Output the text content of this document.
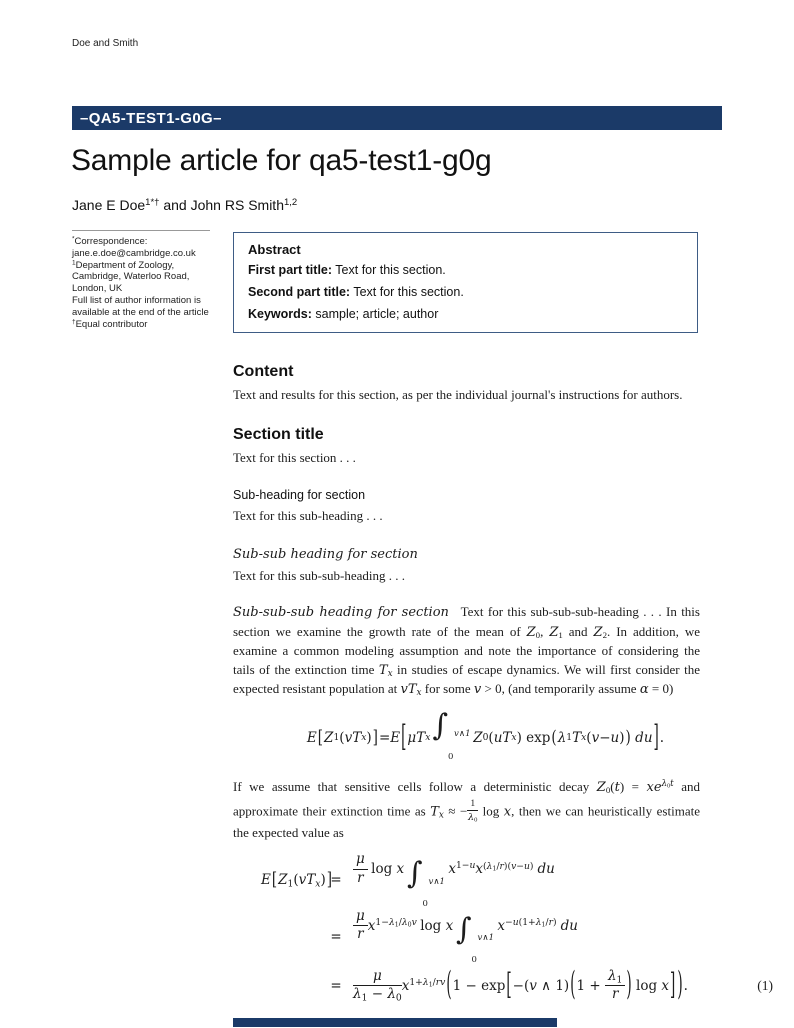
Doe and Smith
–QA5-TEST1-G0G–
Sample article for qa5-test1-g0g
Jane E Doe$^{1*\dagger}$ and John RS Smith$^{1,2}$
*Correspondence:
jane.e.doe@cambridge.co.uk
$^1$Department of Zoology,
Cambridge, Waterloo Road,
London, UK
Full list of author information is
available at the end of the article
†Equal contributor
Abstract
First part title: Text for this section.
Second part title: Text for this section.
Keywords: sample; article; author
Content

Text and results for this section, as per the individual journal's instructions for authors.

Section title

Text for this section . . .

Sub-heading for section

Text for this sub-heading . . .

Sub-sub heading for section

Text for this sub-sub-heading . . .

Sub-sub-sub heading for section Text for this sub-sub-sub-heading . . . In this section we examine the growth rate of the mean of Z0, Z1 and Z2. In addition, we examine a common modeling assumption and note the importance of considering the tails of the extinction time Tx in studies of escape dynamics. We will first consider the expected resistant population at vTx for some v > 0, (and temporarily assume α = 0)

E [ Z 1 ( vT x ) ] = E [ μT x ∫ v∧1
0
Z 0 ( uT x ) exp ( λ 1 T x ( v − u ) ) du ] .

If we assume that sensitive cells follow a deterministic decay $Z0(t) = xe^{\lambda 0t}$ and approximate their extinction time as Tx ≈ − $\frac{1}{\lambda 0}$ log x, then we can heuristically estimate the expected value as

E[Z1(vTx)]
= $\frac{\mu}{r}$ log x∫ v∧1
0
$x^{1-u}x^{(\lambda 1/r)(v-u)}$ du
= $\frac{\mu}{r} x^{1-\lambda 1/\lambda 0v}$ log x∫ v∧1
0
$x^{-u(1+\lambda 1/r)}$ du
= $\frac{\mu}{\lambda 1 - \lambda 0} x^{1+\lambda 1/rv}(1 - \exp[-(v$ ∧ $1)(1 + \frac{\lambda 1}{r}$ ) log x] ).	(1)
